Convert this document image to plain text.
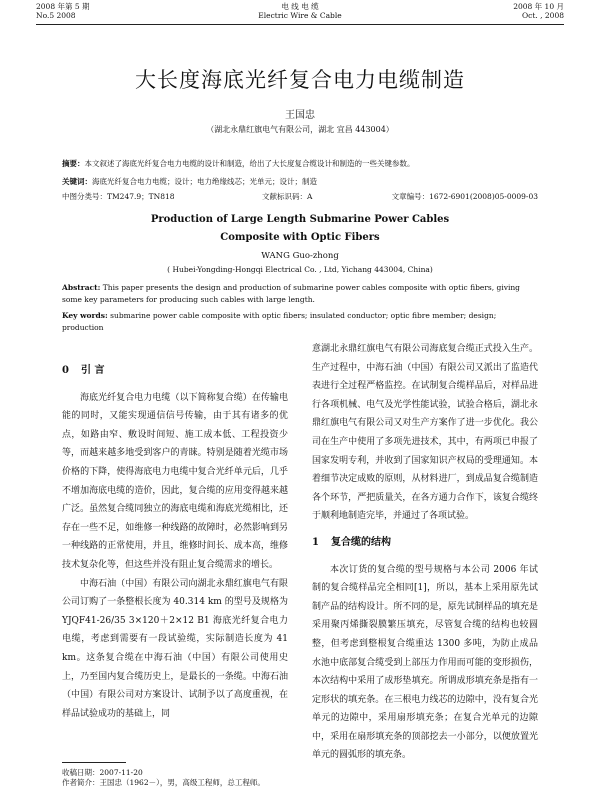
2008 年第 5 期
No.5 2008
电 线 电 缆
Electric Wire & Cable
2008 年 10 月
Oct. , 2008
大长度海底光纤复合电力电缆制造
王国忠
（湖北永鼎红旗电气有限公司，湖北 宜昌 443004）
摘要：本文叙述了海底光纤复合电力电缆的设计和制造，给出了大长度复合缆设计和制造的一些关键参数。
关键词：海底光纤复合电力电缆；设计；电力绝缘线芯；光单元；设计；制造
中图分类号：TM247.9；TN818	文献标识码：A	文章编号：1672-6901(2008)05-0009-03
Production of Large Length Submarine Power Cables
Composite with Optic Fibers
WANG Guo-zhong
( Hubei-Yongding-Hongqi Electrical Co. , Ltd, Yichang 443004, China)
Abstract: This paper presents the design and production of submarine power cables composite with optic fibers, giving some key parameters for producing such cables with large length.
Key words: submarine power cable composite with optic fibers; insulated conductor; optic fibre member; design; production
0 引 言

海底光纤复合电力电缆（以下简称复合缆）在传输电能的同时，又能实现通信信号传输，由于其有诸多的优点，如路由窄、敷设时间短、施工成本低、工程投资少等，而越来越多地受到客户的青睐。特别是随着光缆市场价格的下降，使得海底电力电缆中复合光纤单元后，几乎不增加海底电缆的造价，因此，复合缆的应用变得越来越广泛。虽然复合缆同独立的海底电缆和海底光缆相比，还存在一些不足，如维修一种线路的故障时，必然影响到另一种线路的正常使用，并且，维修时间长、成本高，维修技术复杂化等，但这些并没有阻止复合缆需求的增长。

中海石油（中国）有限公司向湖北永鼎红旗电气有限公司订购了一条整根长度为 40.314 km 的型号及规格为 YJQF41-26/35 3×120＋2×12 B1 海底光纤复合电力电缆，考虑到需要有一段试验缆，实际制造长度为 41 km。这条复合缆在中海石油（中国）有限公司使用史上，乃至国内复合缆历史上，是最长的一条缆。中海石油（中国）有限公司对方案设计、试制予以了高度重视，在样品试验成功的基础上，同

意湖北永鼎红旗电气有限公司海底复合缆正式投入生产。生产过程中，中海石油（中国）有限公司又派出了监造代表进行全过程严格监控。在试制复合缆样品后，对样品进行各项机械、电气及光学性能试验，试验合格后，湖北永鼎红旗电气有限公司又对生产方案作了进一步优化。我公司在生产中使用了多项先进技术，其中，有两项已申报了国家发明专利，并收到了国家知识产权局的受理通知。本着细节决定成败的原则，从材料进厂，到成品复合缆制造各个环节，严把质量关，在各方通力合作下，该复合缆终于顺利地制造完毕，并通过了各项试验。

1 复合缆的结构

本次订货的复合缆的型号规格与本公司 2006 年试制的复合缆样品完全相同[1]，所以，基本上采用原先试制产品的结构设计。所不同的是，原先试制样品的填充是采用聚丙烯撕裂膜繁压填充，尽管复合缆的结构也较圆整，但考虑到整根复合缆重达 1300 多吨，为防止成品水池中底部复合缆受到上部压力作用而可能的变形损伤，本次结构中采用了成形垫填充。所谓成形填充条是指有一定形状的填充条。在三根电力线芯的边隙中，没有复合光单元的边隙中，采用扇形填充条；在复合光单元的边隙中，采用在扇形填充条的顶部挖去一小部分，以便放置光单元的圆弧形的填充条。

收稿日期：2007-11-20
作者简介：王国忠（1962－），男，高级工程师，总工程师。
